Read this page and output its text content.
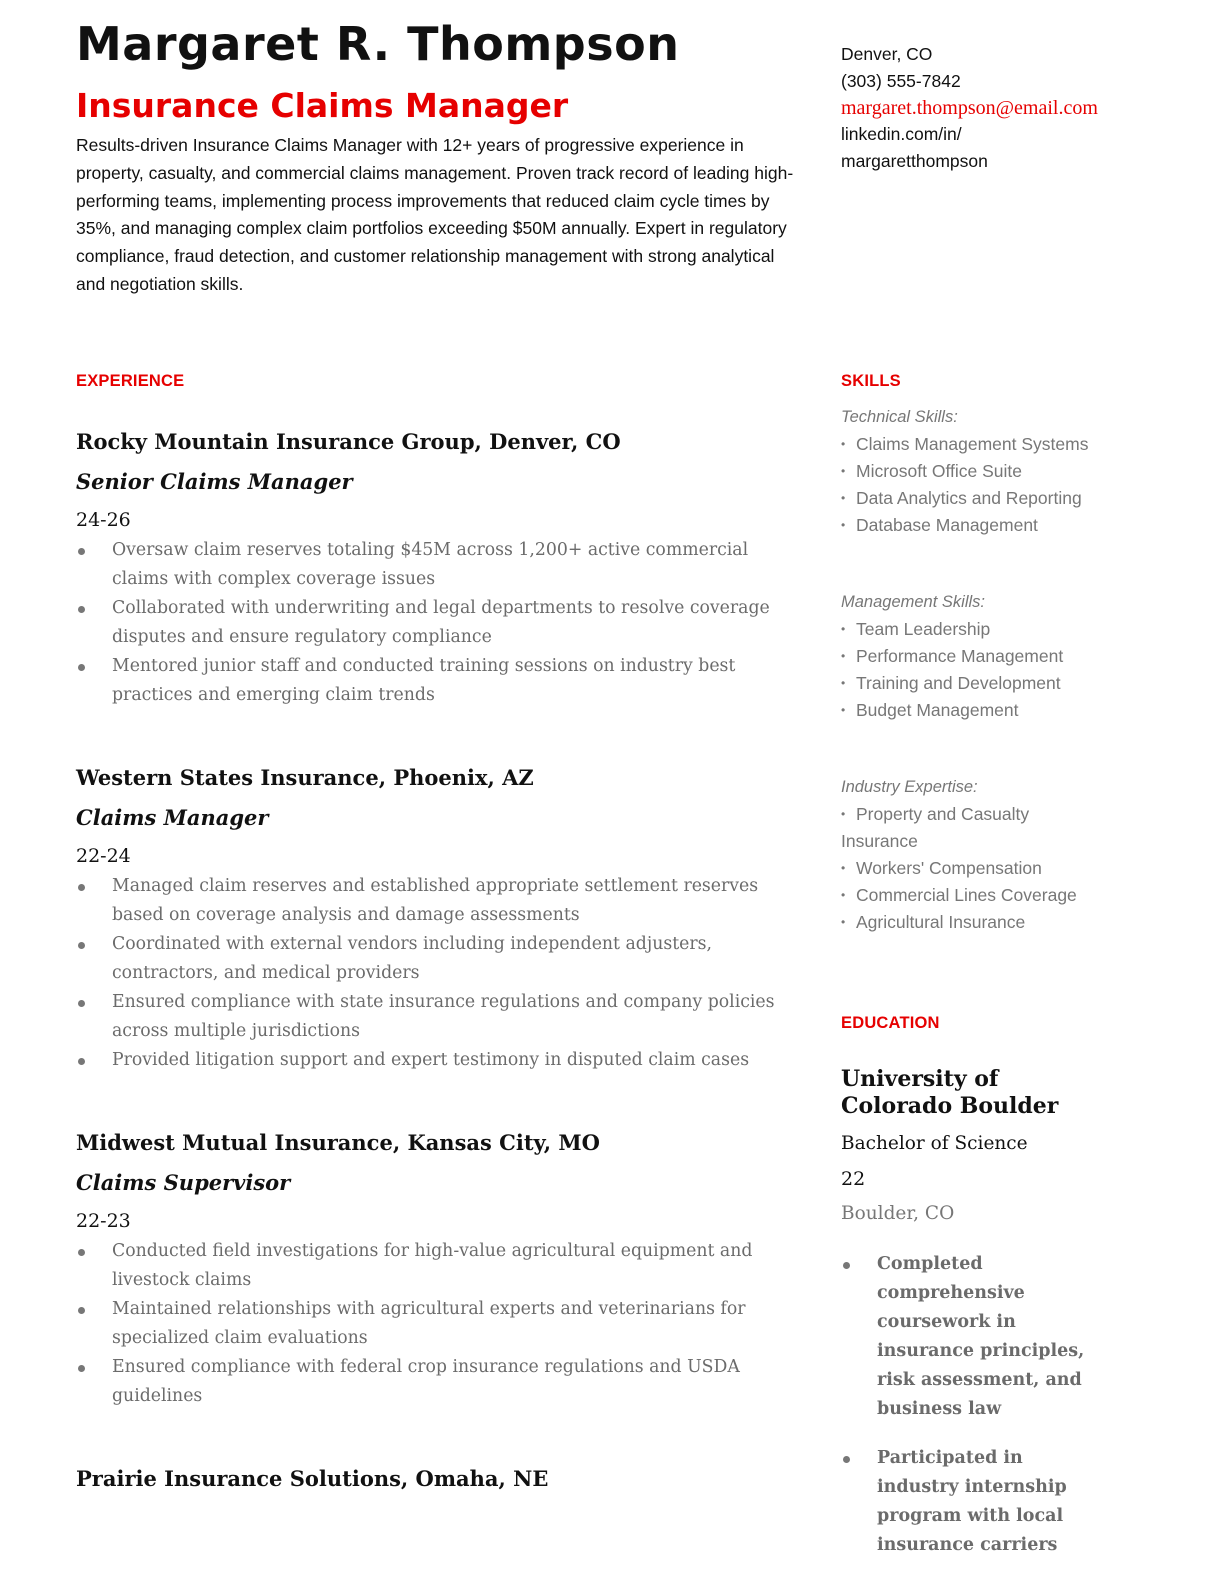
Margaret R. Thompson
Insurance Claims Manager

Results-driven Insurance Claims Manager with 12+ years of progressive experience in property, casualty, and commercial claims management. Proven track record of leading high-performing teams, implementing process improvements that reduced claim cycle times by 35%, and managing complex claim portfolios exceeding $50M annually. Expert in regulatory compliance, fraud detection, and customer relationship management with strong analytical and negotiation skills.

Denver, CO
(303) 555-7842
margaret.thompson@email.com
linkedin.com/in/
margaretthompson
EXPERIENCE	SKILLS
EDUCATION
Rocky Mountain Insurance Group, Denver, CO
Senior Claims Manager
24-26
Oversaw claim reserves totaling $45M across 1,200+ active commercial claims with complex coverage issues
Collaborated with underwriting and legal departments to resolve coverage disputes and ensure regulatory compliance
Mentored junior staff and conducted training sessions on industry best practices and emerging claim trends
Western States Insurance, Phoenix, AZ
Claims Manager
22-24
Managed claim reserves and established appropriate settlement reserves based on coverage analysis and damage assessments
Coordinated with external vendors including independent adjusters, contractors, and medical providers
Ensured compliance with state insurance regulations and company policies across multiple jurisdictions
Provided litigation support and expert testimony in disputed claim cases
Midwest Mutual Insurance, Kansas City, MO
Claims Supervisor
22-23
Conducted field investigations for high-value agricultural equipment and livestock claims
Maintained relationships with agricultural experts and veterinarians for specialized claim evaluations
Ensured compliance with federal crop insurance regulations and USDA guidelines
Prairie Insurance Solutions, Omaha, NE
Technical Skills:
• Claims Management Systems
• Microsoft Office Suite
• Data Analytics and Reporting
• Database Management
Management Skills:
• Team Leadership
• Performance Management
• Training and Development
• Budget Management
Industry Expertise:
• Property and Casualty Insurance
• Workers' Compensation
• Commercial Lines Coverage
• Agricultural Insurance
University of Colorado Boulder
Bachelor of Science
22
Boulder, CO
Completed comprehensive coursework in insurance principles, risk assessment, and business law
Participated in industry internship program with local insurance carriers
